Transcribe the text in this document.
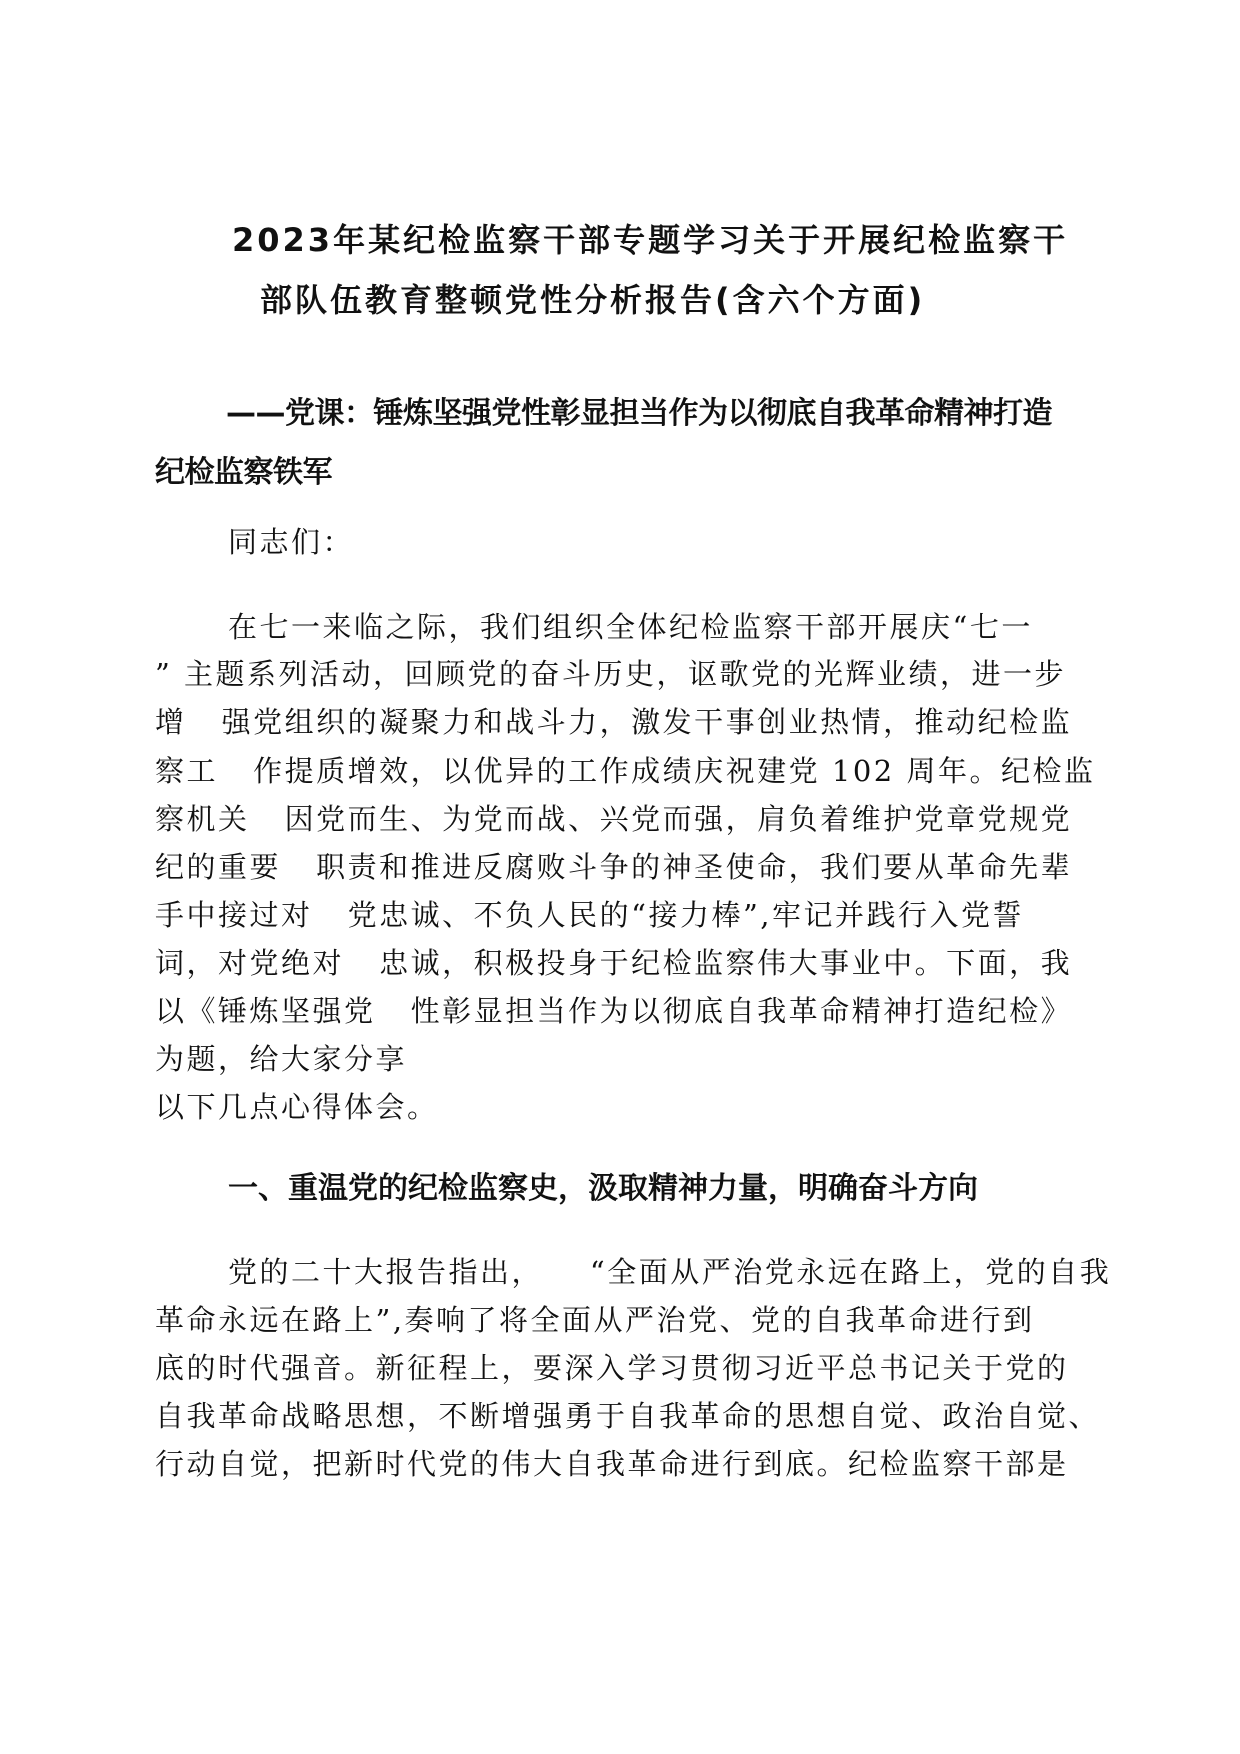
2023年某纪检监察干部专题学习关于开展纪检监察干
部队伍教育整顿党性分析报告(含六个方面)
——党课：锤炼坚强党性彰显担当作为以彻底自我革命精神打造
纪检监察铁军

同志们：

在七一来临之际，我们组织全体纪检监察干部开展庆“七一

” 主题系列活动，回顾党的奋斗历史，讴歌党的光辉业绩，进一步

增   强党组织的凝聚力和战斗力，激发干事创业热情，推动纪检监

察工   作提质增效，以优异的工作成绩庆祝建党 102 周年。纪检监

察机关   因党而生、为党而战、兴党而强，肩负着维护党章党规党

纪的重要   职责和推进反腐败斗争的神圣使命，我们要从革命先辈

手中接过对   党忠诚、不负人民的“接力棒”,牢记并践行入党誓

词，对党绝对   忠诚，积极投身于纪检监察伟大事业中。下面，我

以《锤炼坚强党   性彰显担当作为以彻底自我革命精神打造纪检》

为题，给大家分享

以下几点心得体会。

一、重温党的纪检监察史，汲取精神力量，明确奋斗方向

党的二十大报告指出，    “全面从严治党永远在路上，党的自我

革命永远在路上”,奏响了将全面从严治党、党的自我革命进行到

底的时代强音。新征程上，要深入学习贯彻习近平总书记关于党的

自我革命战略思想，不断增强勇于自我革命的思想自觉、政治自觉、

行动自觉，把新时代党的伟大自我革命进行到底。纪检监察干部是
